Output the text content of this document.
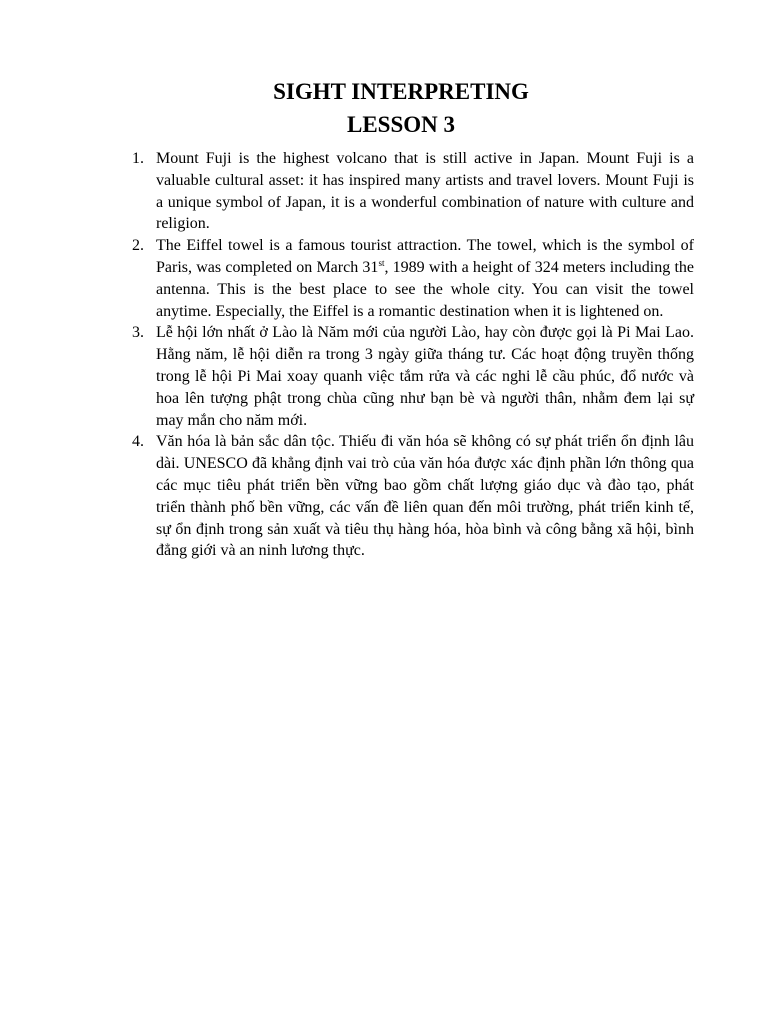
SIGHT INTERPRETING
LESSON 3
1. Mount Fuji is the highest volcano that is still active in Japan. Mount Fuji is a valuable cultural asset: it has inspired many artists and travel lovers. Mount Fuji is a unique symbol of Japan, it is a wonderful combination of nature with culture and religion.
2. The Eiffel towel is a famous tourist attraction. The towel, which is the symbol of Paris, was completed on March 31st, 1989 with a height of 324 meters including the antenna. This is the best place to see the whole city. You can visit the towel anytime. Especially, the Eiffel is a romantic destination when it is lightened on.
3. Lễ hội lớn nhất ở Lào là Năm mới của người Lào, hay còn được gọi là Pi Mai Lao. Hằng năm, lễ hội diễn ra trong 3 ngày giữa tháng tư. Các hoạt động truyền thống trong lễ hội Pi Mai xoay quanh việc tắm rửa và các nghi lễ cầu phúc, đổ nước và hoa lên tượng phật trong chùa cũng như bạn bè và người thân, nhằm đem lại sự may mắn cho năm mới.
4. Văn hóa là bản sắc dân tộc. Thiếu đi văn hóa sẽ không có sự phát triển ổn định lâu dài. UNESCO đã khẳng định vai trò của văn hóa được xác định phần lớn thông qua các mục tiêu phát triển bền vững bao gồm chất lượng giáo dục và đào tạo, phát triển thành phố bền vững, các vấn đề liên quan đến môi trường, phát triển kinh tế, sự ổn định trong sản xuất và tiêu thụ hàng hóa, hòa bình và công bằng xã hội, bình đẳng giới và an ninh lương thực.
